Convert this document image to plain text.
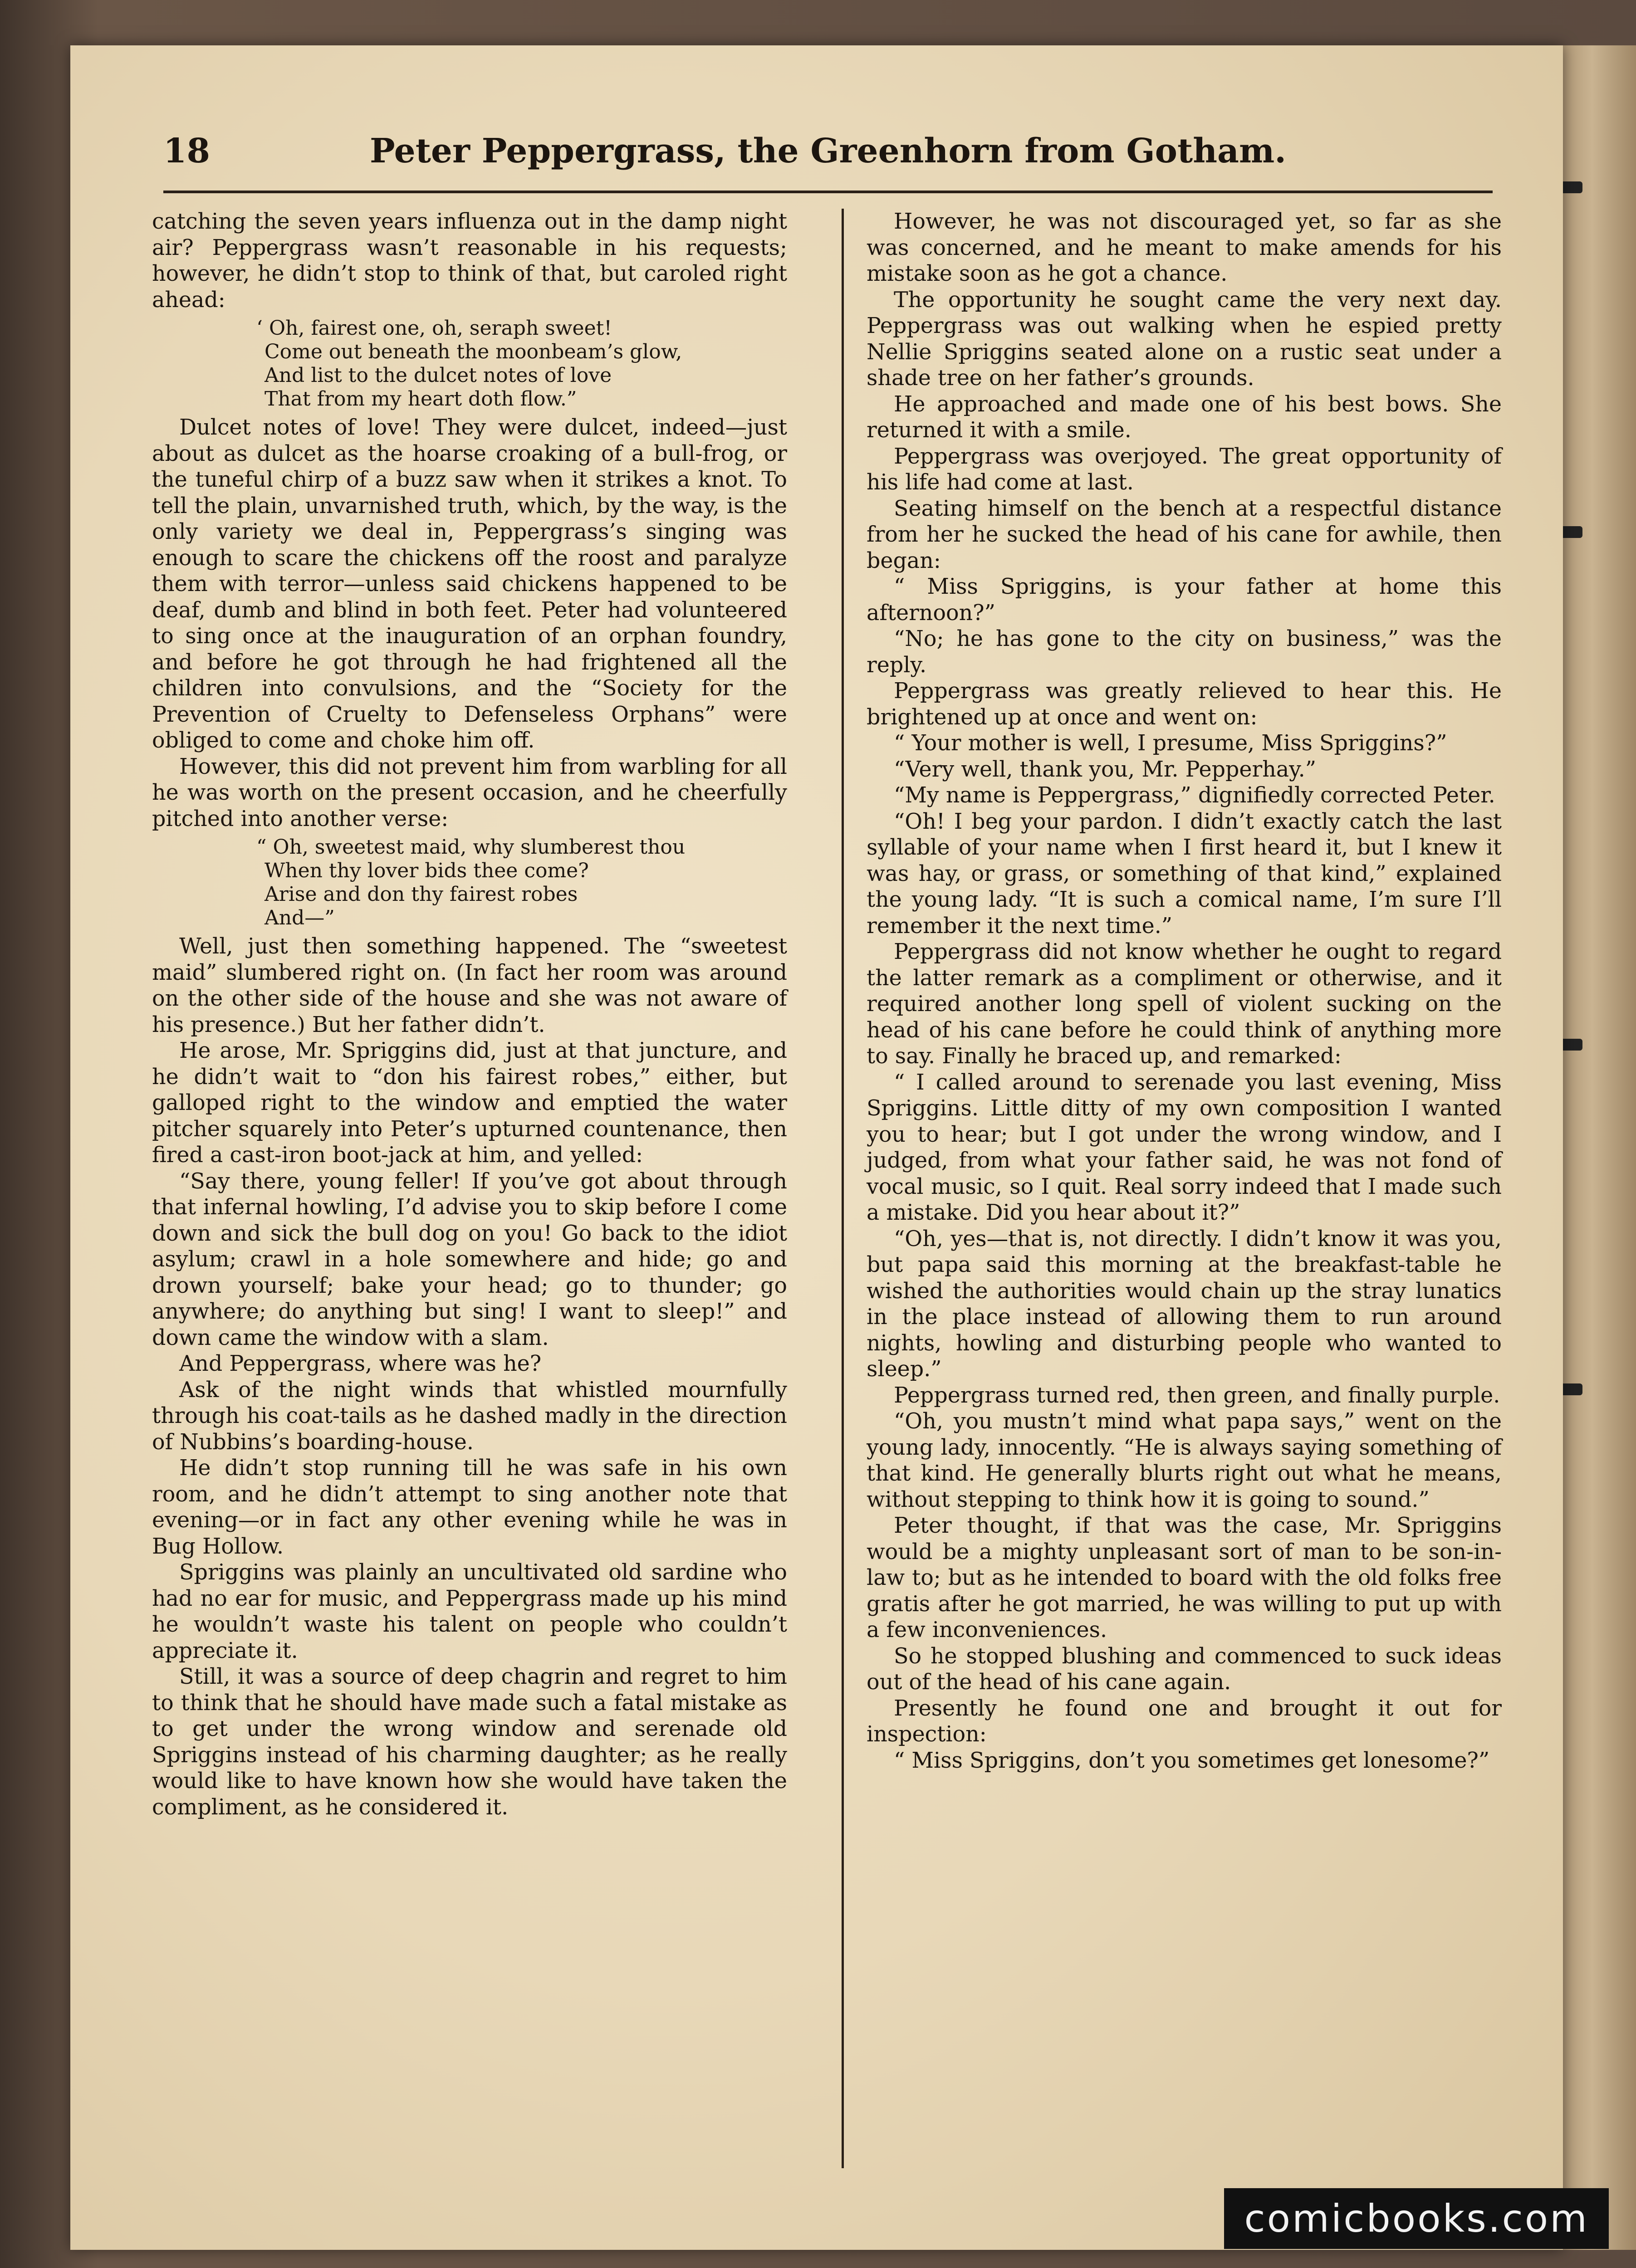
18	Peter Peppergrass, the Greenhorn from Gotham.

catching the seven years influenza out in the damp night air? Peppergrass wasn’t reasonable in his requests; however, he didn’t stop to think of that, but caroled right ahead:

‘ Oh, fairest one, oh, seraph sweet!
Come out beneath the moonbeam’s glow,
And list to the dulcet notes of love
That from my heart doth flow.”

Dulcet notes of love! They were dulcet, indeed—just about as dulcet as the hoarse croaking of a bull-frog, or the tuneful chirp of a buzz saw when it strikes a knot. To tell the plain, unvarnished truth, which, by the way, is the only variety we deal in, Peppergrass’s singing was enough to scare the chickens off the roost and paralyze them with terror—unless said chickens happened to be deaf, dumb and blind in both feet. Peter had volunteered to sing once at the inauguration of an orphan foundry, and before he got through he had frightened all the children into convulsions, and the “Society for the Prevention of Cruelty to Defenseless Orphans” were obliged to come and choke him off.

However, this did not prevent him from warbling for all he was worth on the present occasion, and he cheerfully pitched into another verse:

“ Oh, sweetest maid, why slumberest thou
When thy lover bids thee come?
Arise and don thy fairest robes
And—”

Well, just then something happened. The “sweetest maid” slumbered right on. (In fact her room was around on the other side of the house and she was not aware of his presence.) But her father didn’t.

He arose, Mr. Spriggins did, just at that juncture, and he didn’t wait to “don his fairest robes,” either, but galloped right to the window and emptied the water pitcher squarely into Peter’s upturned countenance, then fired a cast-iron boot-jack at him, and yelled:

“Say there, young feller! If you’ve got about through that infernal howling, I’d advise you to skip before I come down and sick the bull dog on you! Go back to the idiot asylum; crawl in a hole somewhere and hide; go and drown yourself; bake your head; go to thunder; go anywhere; do anything but sing! I want to sleep!” and down came the window with a slam.

And Peppergrass, where was he?

Ask of the night winds that whistled mournfully through his coat-tails as he dashed madly in the direction of Nubbins’s boarding-house.

He didn’t stop running till he was safe in his own room, and he didn’t attempt to sing another note that evening—or in fact any other evening while he was in Bug Hollow.

Spriggins was plainly an uncultivated old sardine who had no ear for music, and Peppergrass made up his mind he wouldn’t waste his talent on people who couldn’t appreciate it.

Still, it was a source of deep chagrin and regret to him to think that he should have made such a fatal mistake as to get under the wrong window and serenade old Spriggins instead of his charming daughter; as he really would like to have known how she would have taken the compliment, as he considered it.

However, he was not discouraged yet, so far as she was concerned, and he meant to make amends for his mistake soon as he got a chance.

The opportunity he sought came the very next day. Peppergrass was out walking when he espied pretty Nellie Spriggins seated alone on a rustic seat under a shade tree on her father’s grounds.

He approached and made one of his best bows. She returned it with a smile.

Peppergrass was overjoyed. The great opportunity of his life had come at last.

Seating himself on the bench at a respectful distance from her he sucked the head of his cane for awhile, then began:

“ Miss Spriggins, is your father at home this afternoon?”

“No; he has gone to the city on business,” was the reply.

Peppergrass was greatly relieved to hear this. He brightened up at once and went on:

“ Your mother is well, I presume, Miss Spriggins?”

“Very well, thank you, Mr. Pepperhay.”

“My name is Peppergrass,” dignifiedly corrected Peter.

“Oh! I beg your pardon. I didn’t exactly catch the last syllable of your name when I first heard it, but I knew it was hay, or grass, or something of that kind,” explained the young lady. “It is such a comical name, I’m sure I’ll remember it the next time.”

Peppergrass did not know whether he ought to regard the latter remark as a compliment or otherwise, and it required another long spell of violent sucking on the head of his cane before he could think of anything more to say. Finally he braced up, and remarked:

“ I called around to serenade you last evening, Miss Spriggins. Little ditty of my own composition I wanted you to hear; but I got under the wrong window, and I judged, from what your father said, he was not fond of vocal music, so I quit. Real sorry indeed that I made such a mistake. Did you hear about it?”

“Oh, yes—that is, not directly. I didn’t know it was you, but papa said this morning at the breakfast-table he wished the authorities would chain up the stray lunatics in the place instead of allowing them to run around nights, howling and disturbing people who wanted to sleep.”

Peppergrass turned red, then green, and finally purple.

“Oh, you mustn’t mind what papa says,” went on the young lady, innocently. “He is always saying something of that kind. He generally blurts right out what he means, without stepping to think how it is going to sound.”

Peter thought, if that was the case, Mr. Spriggins would be a mighty unpleasant sort of man to be son-in-law to; but as he intended to board with the old folks free gratis after he got married, he was willing to put up with a few inconveniences.

So he stopped blushing and commenced to suck ideas out of the head of his cane again.

Presently he found one and brought it out for inspection:

“ Miss Spriggins, don’t you sometimes get lonesome?”

comicbooks.com
